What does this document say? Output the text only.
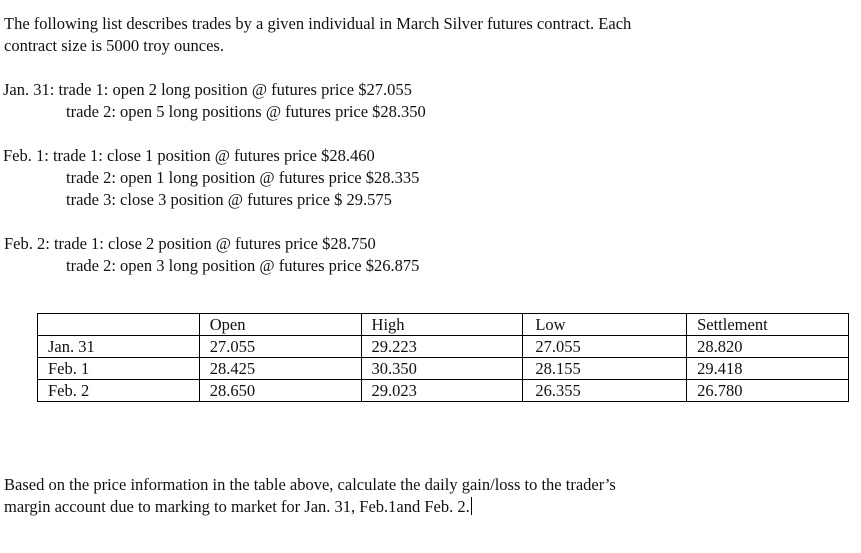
The following list describes trades by a given individual in March Silver futures contract. Each
contract size is 5000 troy ounces.
Jan. 31: trade 1: open 2 long position @ futures price $27.055
trade 2: open 5 long positions @ futures price $28.350
Feb. 1: trade 1: close 1 position @ futures price $28.460
trade 2: open 1 long position @ futures price $28.335
trade 3: close 3 position @ futures price $ 29.575
Feb. 2: trade 1: close 2 position @ futures price $28.750
trade 2: open 3 long position @ futures price $26.875
	Open	High	Low	Settlement
Jan. 31	27.055	29.223	27.055	28.820
Feb. 1	28.425	30.350	28.155	29.418
Feb. 2	28.650	29.023	26.355	26.780
Based on the price information in the table above, calculate the daily gain/loss to the trader’s
margin account due to marking to market for Jan. 31, Feb.1and Feb. 2.
